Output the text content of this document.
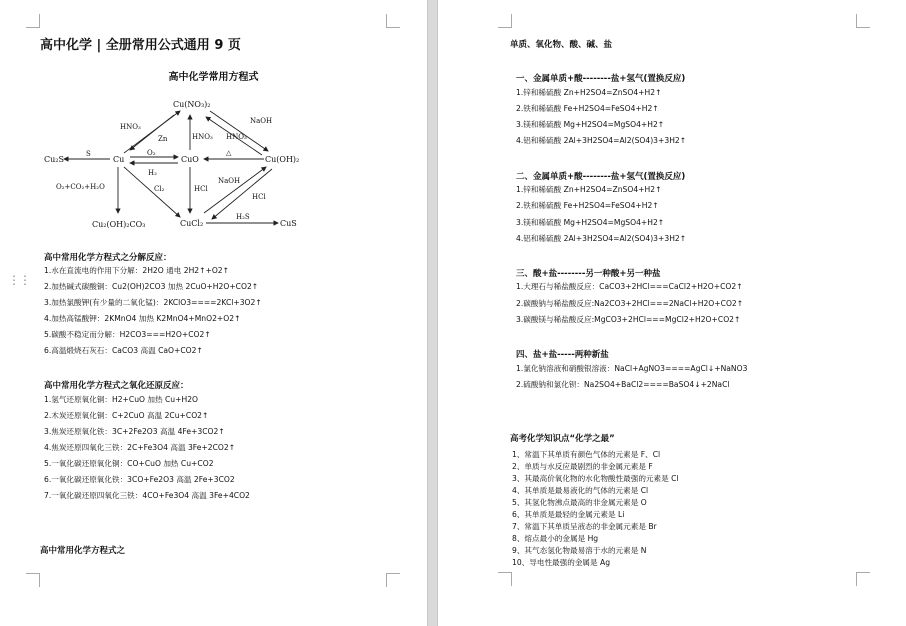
高中化学 | 全册常用公式通用 9 页
高中化学常用方程式
Cu(NO₃)₂
Cu₂S	Cu	CuO	Cu(OH)₂
Cu₂(OH)₂CO₃	CuCl₂	CuS
HNO₃
Zn	HNO₃
NaOH
HNO₃
S	O₂
H₂
△
O₂+CO₂+H₂O	Cl₂	HCl
NaOH
HCl
H₂S
⋮⋮
高中常用化学方程式之分解反应：
1.水在直流电的作用下分解：2H2O 通电 2H2↑+O2↑
2.加热碱式碳酸铜：Cu2(OH)2CO3 加热 2CuO+H2O+CO2↑
3.加热氯酸钾(有少量的二氧化锰)：2KClO3====2KCl+3O2↑
4.加热高锰酸钾：2KMnO4 加热 K2MnO4+MnO2+O2↑
5.碳酸不稳定而分解：H2CO3===H2O+CO2↑
6.高温煅烧石灰石：CaCO3 高温 CaO+CO2↑
高中常用化学方程式之氧化还原反应：
1.氢气还原氧化铜：H2+CuO 加热 Cu+H2O
2.木炭还原氧化铜：C+2CuO 高温 2Cu+CO2↑
3.焦炭还原氧化铁：3C+2Fe2O3 高温 4Fe+3CO2↑
4.焦炭还原四氧化三铁：2C+Fe3O4 高温 3Fe+2CO2↑
5.一氧化碳还原氧化铜：CO+CuO 加热 Cu+CO2
6.一氧化碳还原氧化铁：3CO+Fe2O3 高温 2Fe+3CO2
7.一氧化碳还原四氧化三铁：4CO+Fe3O4 高温 3Fe+4CO2
高中常用化学方程式之
单质、氧化物、酸、碱、盐
一、金属单质+酸--------盐+氢气(置换反应)
1.锌和稀硫酸 Zn+H2SO4=ZnSO4+H2↑
2.铁和稀硫酸 Fe+H2SO4=FeSO4+H2↑
3.镁和稀硫酸 Mg+H2SO4=MgSO4+H2↑
4.铝和稀硫酸 2Al+3H2SO4=Al2(SO4)3+3H2↑
二、金属单质+酸--------盐+氢气(置换反应)
1.锌和稀硫酸 Zn+H2SO4=ZnSO4+H2↑
2.铁和稀硫酸 Fe+H2SO4=FeSO4+H2↑
3.镁和稀硫酸 Mg+H2SO4=MgSO4+H2↑
4.铝和稀硫酸 2Al+3H2SO4=Al2(SO4)3+3H2↑
三、酸+盐--------另一种酸+另一种盐
1.大理石与稀盐酸反应：CaCO3+2HCl===CaCl2+H2O+CO2↑
2.碳酸钠与稀盐酸反应:Na2CO3+2HCl===2NaCl+H2O+CO2↑
3.碳酸镁与稀盐酸反应:MgCO3+2HCl===MgCl2+H2O+CO2↑
四、盐+盐-----两种新盐
1.氯化钠溶液和硝酸银溶液：NaCl+AgNO3====AgCl↓+NaNO3
2.硫酸钠和氯化钡：Na2SO4+BaCl2====BaSO4↓+2NaCl
高考化学知识点“化学之最”
1、常温下其单质有颜色气体的元素是 F、Cl
2、单质与水反应最剧烈的非金属元素是 F
3、其最高价氧化物的水化物酸性最强的元素是 Cl
4、其单质是最易液化的气体的元素是 Cl
5、其氢化物沸点最高的非金属元素是 O
6、其单质是最轻的金属元素是 Li
7、常温下其单质呈液态的非金属元素是 Br
8、熔点最小的金属是 Hg
9、其气态氢化物最易溶于水的元素是 N
10、导电性最强的金属是 Ag
